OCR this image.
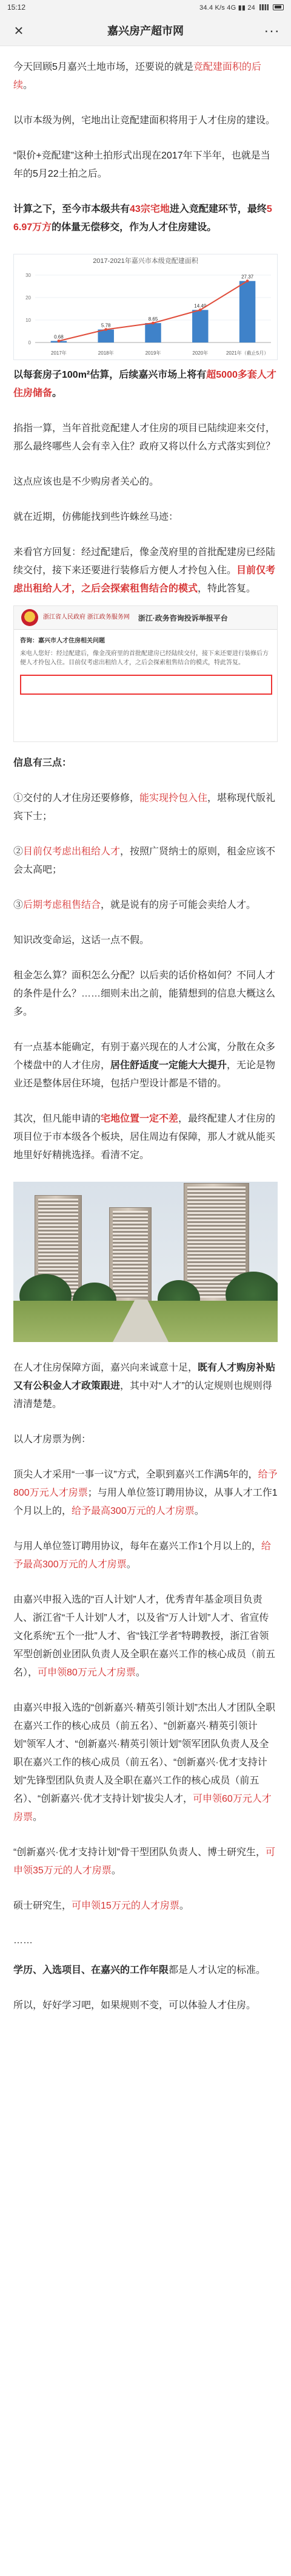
15:12	34.4 K/s 4G ▮▮ 24
×	嘉兴房产超市网	...

今天回顾5月嘉兴土地市场，还要说的就是竞配建面积的后续。

以市本级为例，宅地出让竞配建面积将用于人才住房的建设。

“限价+竞配建”这种土拍形式出现在2017年下半年，也就是当年的5月22土拍之后。

计算之下，至今市本级共有43宗宅地进入竞配建环节，最终56.97万方的体量无偿移交，作为人才住房建设。

2017-2021年嘉兴市本级竞配建面积
0
10
20
30
0.68
2017年
5.78
2018年
8.65
2019年
14.49
2020年
27.37
2021年（截止5月）

以每套房子100m²估算，后续嘉兴市场上将有超5000多套人才住房储备。

掐指一算，当年首批竞配建人才住房的项目已陆续迎来交付，那么最终哪些人会有幸入住？政府又将以什么方式落实到位？

这点应该也是不少购房者关心的。

就在近期，仿佛能找到些许蛛丝马迹：

来看官方回复：经过配建后，像金茂府里的首批配建房已经陆续交付，接下来还要进行装修后方便人才拎包入住。目前仅考虑出租给人才，之后会探索租售结合的模式，特此答复。

浙江省人民政府 浙江政务服务网 浙江·政务咨询投诉举报平台
咨询：嘉兴市人才住房相关问题
来电人您好：经过配建后，像金茂府里的首批配建房已经陆续交付，接下来还要进行装修后方便人才拎包入住。目前仅考虑出租给人才，之后会探索租售结合的模式，特此答复。

信息有三点：

①交付的人才住房还要修修，能实现拎包入住，堪称现代版礼宾下士；

②目前仅考虑出租给人才，按照广贤纳士的原则，租金应该不会太高吧；

③后期考虑租售结合，就是说有的房子可能会卖给人才。

知识改变命运，这话一点不假。

租金怎么算？面积怎么分配？以后卖的话价格如何？不同人才的条件是什么？……细则未出之前，能猜想到的信息大概这么多。

有一点基本能确定，有别于嘉兴现在的人才公寓，分散在众多个楼盘中的人才住房，居住舒适度一定能大大提升，无论是物业还是整体居住环境，包括户型设计都是不错的。

其次，但凡能申请的宅地位置一定不差，最终配建人才住房的项目位于市本级各个板块，居住周边有保障，那人才就从能买地里好好精挑选择。看清不定。

在人才住房保障方面，嘉兴向来诚意十足，既有人才购房补贴又有公积金人才政策跟进，其中对“人才”的认定规则也规则得清清楚楚。

以人才房票为例：

顶尖人才采用“一事一议”方式，全职到嘉兴工作满5年的，给予800万元人才房票；与用人单位签订聘用协议，从事人才工作1个月以上的，给予最高300万元的人才房票。

与用人单位签订聘用协议，每年在嘉兴工作1个月以上的，给予最高300万元的人才房票。

由嘉兴申报入选的“百人计划”人才，优秀青年基金项目负责人、浙江省“千人计划”人才，以及省“万人计划”人才、省宣传文化系统“五个一批”人才、省“钱江学者”特聘教授，浙江省领军型创新创业团队负责人及全职在嘉兴工作的核心成员（前五名），可申领80万元人才房票。

由嘉兴申报入选的“创新嘉兴·精英引领计划”杰出人才团队全职在嘉兴工作的核心成员（前五名）、“创新嘉兴·精英引领计划”领军人才、“创新嘉兴·精英引领计划”领军团队负责人及全职在嘉兴工作的核心成员（前五名）、“创新嘉兴·优才支持计划”先锋型团队负责人及全职在嘉兴工作的核心成员（前五名）、“创新嘉兴·优才支持计划”拔尖人才，可申领60万元人才房票。

“创新嘉兴·优才支持计划”骨干型团队负责人、博士研究生，可申领35万元的人才房票。

硕士研究生，可申领15万元的人才房票。

……

学历、入选项目、在嘉兴的工作年限都是人才认定的标准。

所以，好好学习吧，如果规则不变，可以体验人才住房。
